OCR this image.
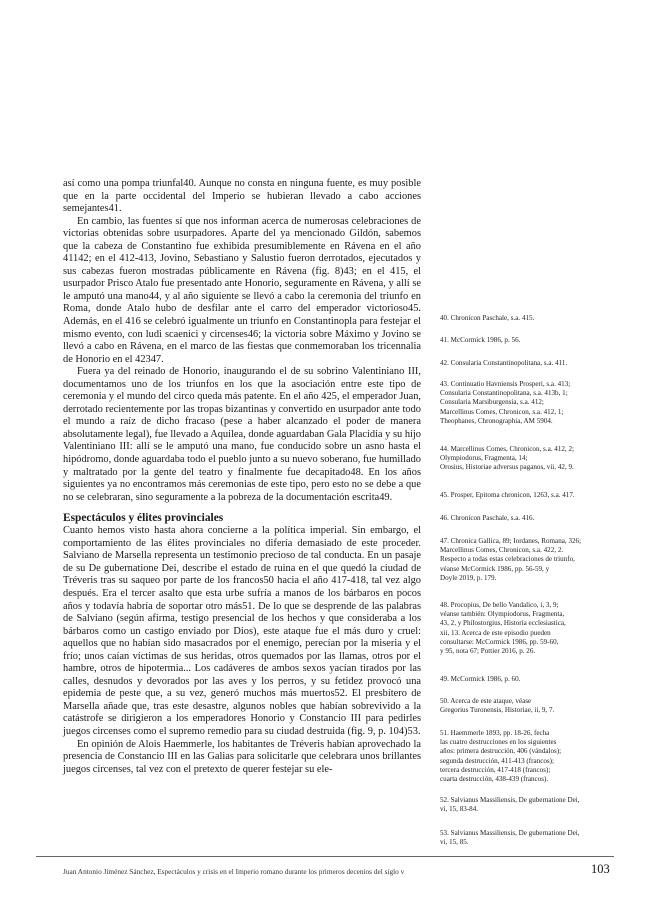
así como una pompa triunfal40. Aunque no consta en ninguna fuente, es muy posible que en la parte occidental del Imperio se hubieran llevado a cabo acciones semejantes41.

En cambio, las fuentes sí que nos informan acerca de numerosas celebraciones de victorias obtenidas sobre usurpadores. Aparte del ya mencionado Gildón, sabemos que la cabeza de Constantino fue exhibida presumiblemente en Rávena en el año 41142; en el 412-413, Jovino, Sebastiano y Salustio fueron derrotados, ejecutados y sus cabezas fueron mostradas públicamente en Rávena (fig. 8)43; en el 415, el usurpador Prisco Atalo fue presentado ante Honorio, seguramente en Rávena, y allí se le amputó una mano44, y al año siguiente se llevó a cabo la ceremonia del triunfo en Roma, donde Atalo hubo de desfilar ante el carro del emperador victorioso45. Además, en el 416 se celebró igualmente un triunfo en Constantinopla para festejar el mismo evento, con ludi scaenici y circenses46; la victoria sobre Máximo y Jovino se llevó a cabo en Rávena, en el marco de las fiestas que conmemoraban los tricennalia de Honorio en el 42347.

Fuera ya del reinado de Honorio, inaugurando el de su sobrino Valentiniano III, documentamos uno de los triunfos en los que la asociación entre este tipo de ceremonia y el mundo del circo queda más patente. En el año 425, el emperador Juan, derrotado recientemente por las tropas bizantinas y convertido en usurpador ante todo el mundo a raíz de dicho fracaso (pese a haber alcanzado el poder de manera absolutamente legal), fue llevado a Aquilea, donde aguardaban Gala Placidia y su hijo Valentiniano III: allí se le amputó una mano, fue conducido sobre un asno hasta el hipódromo, donde aguardaba todo el pueblo junto a su nuevo soberano, fue humillado y maltratado por la gente del teatro y finalmente fue decapitado48. En los años siguientes ya no encontramos más ceremonias de este tipo, pero esto no se debe a que no se celebraran, sino seguramente a la pobreza de la documentación escrita49.

Espectáculos y élites provinciales

Cuanto hemos visto hasta ahora concierne a la política imperial. Sin embargo, el comportamiento de las élites provinciales no difería demasiado de este proceder. Salviano de Marsella representa un testimonio precioso de tal conducta. En un pasaje de su De gubernatione Dei, describe el estado de ruina en el que quedó la ciudad de Tréveris tras su saqueo por parte de los francos50 hacia el año 417-418, tal vez algo después. Era el tercer asalto que esta urbe sufría a manos de los bárbaros en pocos años y todavía habría de soportar otro más51. De lo que se desprende de las palabras de Salviano (según afirma, testigo presencial de los hechos y que consideraba a los bárbaros como un castigo enviado por Dios), este ataque fue el más duro y cruel: aquellos que no habían sido masacrados por el enemigo, perecían por la miseria y el frío; unos caían víctimas de sus heridas, otros quemados por las llamas, otros por el hambre, otros de hipotermia... Los cadáveres de ambos sexos yacían tirados por las calles, desnudos y devorados por las aves y los perros, y su fetidez provocó una epidemia de peste que, a su vez, generó muchos más muertos52. El presbítero de Marsella añade que, tras este desastre, algunos nobles que habían sobrevivido a la catástrofe se dirigieron a los emperadores Honorio y Constancio III para pedirles juegos circenses como el supremo remedio para su ciudad destruida (fig. 9, p. 104)53.

En opinión de Alois Haemmerle, los habitantes de Tréveris habían aprovechado la presencia de Constancio III en las Galias para solicitarle que celebrara unos brillantes juegos circenses, tal vez con el pretexto de querer festejar su ele-

40. Chronicon Paschale, s.a. 415.
41. McCormick 1986, p. 56.
42. Consularia Constantinopolitana, s.a. 411.
43. Continuatio Havniensis Prosperi, s.a. 413;
Consularia Constantinopolitana, s.a. 413b, 1;
Consularia Marsiburgensia, s.a. 412;
Marcellinus Comes, Chronicon, s.a. 412, 1;
Theophanes, Chronographia, AM 5904.
44. Marcellinus Comes, Chronicon, s.a. 412, 2;
Olympiodorus, Fragmenta, 14;
Orosius, Historiae adversus paganos, vii, 42, 9.
45. Prosper, Epitoma chronicon, 1263, s.a. 417.
46. Chronicon Paschale, s.a. 416.
47. Chronica Gallica, 89; Iordanes, Romana, 326;
Marcellinus Comes, Chronicon, s.a. 422, 2.
Respecto a todas estas celebraciones de triunfo,
véanse McCormick 1986, pp. 56-59, y
Doyle 2019, p. 179.
48. Procopius, De bello Vandalico, i, 3, 9;
véanse también: Olympiodorus, Fragmenta,
43, 2, y Philostorgius, Historia ecclesiastica,
xii, 13. Acerca de este episodio pueden
consultarse: McCormick 1986, pp. 59-60,
y 95, nota 67; Pottier 2016, p. 26.
49. McCormick 1986, p. 60.
50. Acerca de este ataque, véase
Gregorius Turonensis, Historiae, ii, 9, 7.
51. Haemmerle 1893, pp. 18-26, fecha
las cuatro destrucciones en los siguientes
años: primera destrucción, 406 (vándalos);
segunda destrucción, 411-413 (francos);
tercera destrucción, 417-418 (francos);
cuarta destrucción, 438-439 (francos).
52. Salvianus Massiliensis, De gubernatione Dei,
vi, 15, 83-84.
53. Salvianus Massiliensis, De gubernatione Dei,
vi, 15, 85.
Juan Antonio Jiménez Sánchez, Espectáculos y crisis en el Imperio romano durante los primeros decenios del siglo v	103
